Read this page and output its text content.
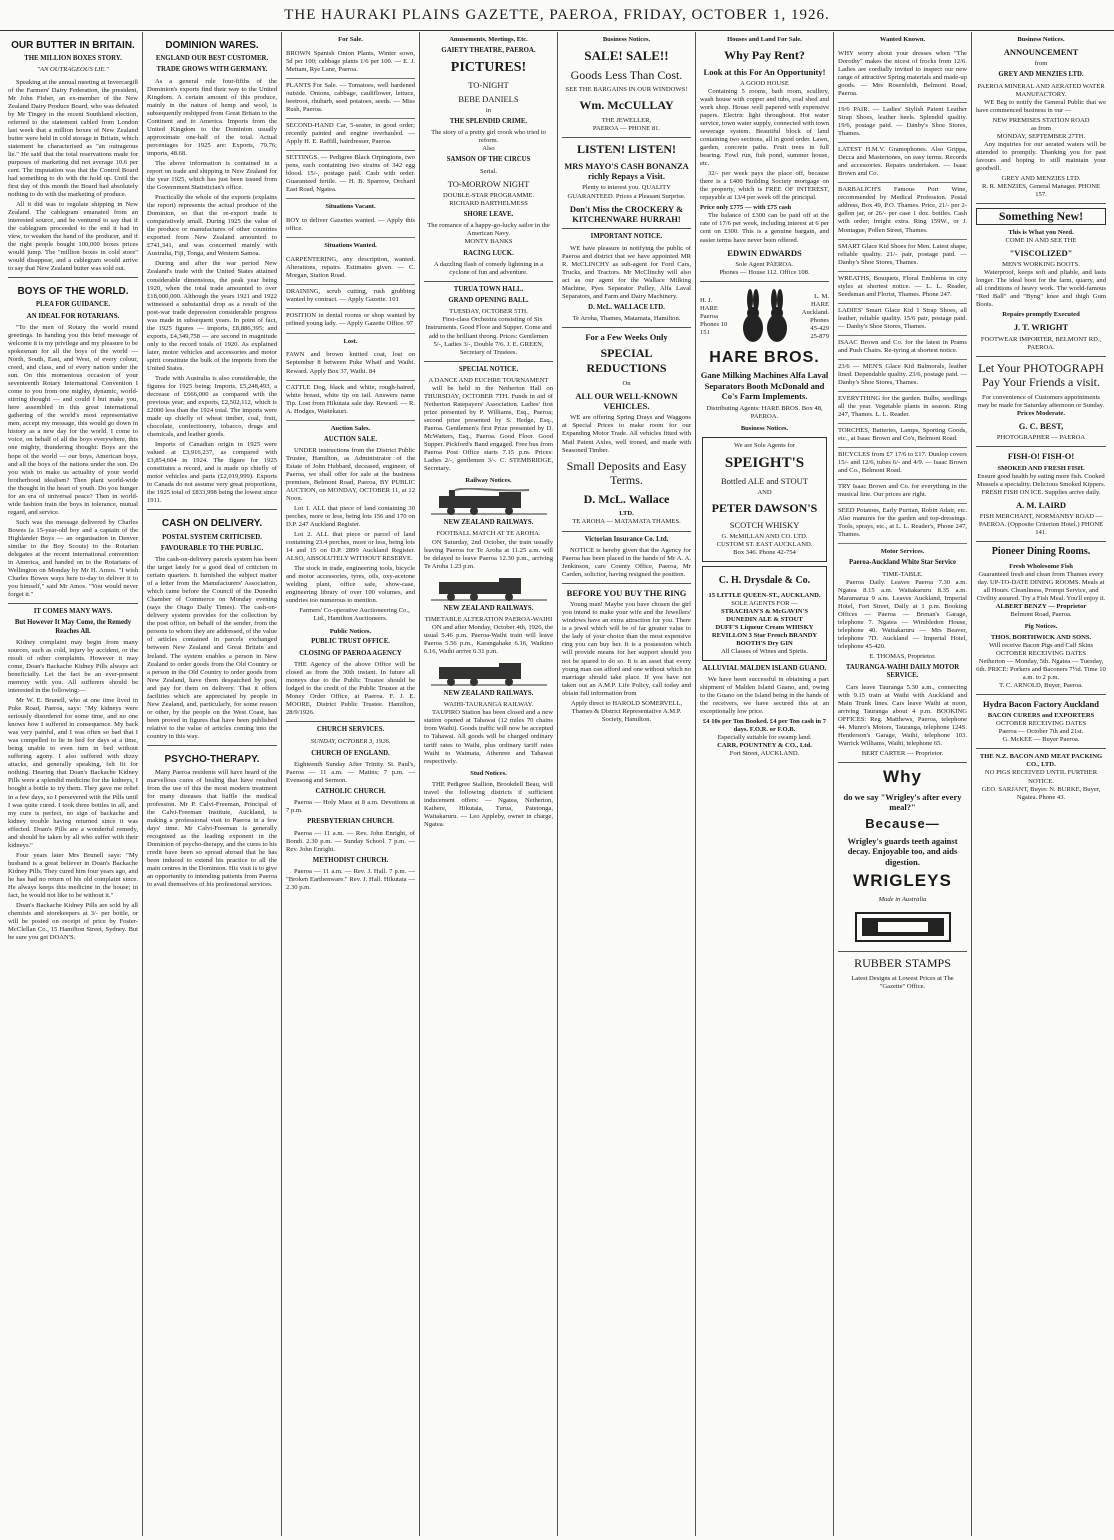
THE HAURAKI PLAINS GAZETTE, PAEROA, FRIDAY, OCTOBER 1, 1926.
OUR BUTTER IN BRITAIN.
THE MILLION BOXES STORY.
"AN OUTRAGEOUS LIE."

Speaking at the annual meeting at Invercargill of the Farmers' Dairy Federation, the president, Mr John Fisher, an ex-member of the New Zealand Dairy Produce Board, who was defeated by Mr Tingey in the recent Southland election, referred to the statement cabled from London last week that a million boxes of New Zealand butter were held in cold storage in Britain, which statement he characterised as "an outrageous lie." He said that the total reservations made for purposes of marketing did not average 10.6 per cent. The imputation was that the Control Board had something to do with the hold up. Until the first day of this month the Board had absolutely nothing to do with the marketing of produce.

All it did was to regulate shipping in New Zealand. The cablegram emanated from an interested source, and he ventured to say that if the cablegram proceeded to the end it had in view, to weaken the hand of the producer, and if the right people bought 100,000 boxes prices would jump. The "million boxes in cold store" would disappear, and a cablegram would arrive to say that New Zealand butter was sold out.

BOYS OF THE WORLD.
PLEA FOR GUIDANCE.
AN IDEAL FOR ROTARIANS.

"To the men of Rotary the world round greetings. In handing you this brief message of welcome it is my privilege and my pleasure to be spokesman for all the boys of the world — North, South, East, and West, of every colour, creed, and class, and of every nation under the sun. On this momentous occasion of your seventeenth Rotary International Convention I come to you from one mighty, dynamic, world-stirring thought — and could I but make you, here assembled in this great international gathering of the world's most representative men, accept my message, this would go down in history as a new day for the world. I come to voice, on behalf of all the boys everywhere, this one mighty, thundering thought: Boys are the hope of the world — our boys, American boys, and all the boys of the nations under the sun. Do you wish to make us actuality of your world brotherhood idealism? Then plant world-wide the thought in the heart of youth. Do you hunger for an era of universal peace? Then in world-wide fashion train the boys in tolerance, mutual regard, and service.

Such was the message delivered by Charles Bowes (a 15-year-old boy and a captain of the Highlander Boys — an organisation in Denver similar to the Boy Scouts) to the Rotarian delegates at the recent international convention in America, and handed on to the Rotarians of Wellington on Monday by Mr H. Amos. "I wish Charles Bowes ways here to-day to deliver it to you himself," said Mr Amos. "You would never forget it."

IT COMES MANY WAYS.
But However It May Come, the Remedy Reaches All.

Kidney complaint may begin from many sources, such as cold, injury by accident, or the result of other complaints. However it may come, Doan's Backache Kidney Pills always act beneficially. Let the fact be an ever-present memory with you. All sufferers should be interested in the following:—

Mr W. E. Brunell, who at one time lived in Puke Road, Paeroa, says: "My kidneys were seriously disordered for some time, and no one knows how I suffered in consequence. My back was very painful, and I was often so bad that I was compelled to lie in bed for days at a time, being unable to even turn in bed without suffering agony. I also suffered with dizzy attacks, and generally speaking, felt fit for nothing. Hearing that Doan's Backache Kidney Pills were a splendid medicine for the kidneys, I bought a bottle to try them. They gave me relief in a few days, so I persevered with the Pills until I was quite cured. I took three bottles in all, and my cure is perfect, no sign of backache and kidney trouble having returned since it was effected. Doan's Pills are a wonderful remedy, and should be taken by all who suffer with their kidneys."

Four years later Mrs Brunell says: "My husband is a great believer in Doan's Backache Kidney Pills. They cured him four years ago, and he has had no return of his old complaint since. He always keeps this medicine in the house; in fact, he would not like to be without it."

Doan's Backache Kidney Pills are sold by all chemists and storekeepers at 3/- per bottle, or will be posted on receipt of price by Foster-McClellan Co., 15 Hamilton Street, Sydney. But be sure you get DOAN'S.

DOMINION WARES.
ENGLAND OUR BEST CUSTOMER.
TRADE GROWS WITH GERMANY.

As a general rule four-fifths of the Dominion's exports find their way to the United Kingdom. A certain amount of this produce, mainly in the nature of hemp and wool, is subsequently reshipped from Great Britain to the Continent and to America. Imports from the United Kingdom to the Dominion usually approximate one-half of the total. Actual percentages for 1925 are: Exports, 79.76; imports, 48.68.

The above information is contained in a report on trade and shipping in New Zealand for the year 1925, which has just been issued from the Government Statistician's office.

Practically the whole of the exports (explains the report) represents the actual produce of the Dominion, so that the re-export trade is comparatively small. During 1925 the value of the produce or manufactures of other countries exported from New Zealand amounted to £741,341, and was concerned mainly with Australia, Fiji, Tonga, and Western Samoa.

During and after the war period New Zealand's trade with the United States attained considerable dimensions, the peak year being 1920, when the total trade amounted to over £18,000,000. Although the years 1921 and 1922 witnessed a substantial drop as a result of the post-war trade depression considerable progress was made in subsequent years. In point of fact, the 1925 figures — imports, £8,886,395; and exports, £4,349,758 — are second in magnitude only to the record totals of 1920. As explained later, motor vehicles and accessories and motor spirit constitute the bulk of the imports from the United States.

Trade with Australia is also considerable, the figures for 1925 being: Imports, £5,248,493, a decrease of £666,000 as compared with the previous year; and exports, £2,502,112, which is £2000 less than the 1924 total. The imports were made up chiefly of wheat timber, coal, fruit, chocolate, confectionery, tobacco, drugs and chemicals, and leather goods.

Imports of Canadian origin in 1925 were valued at £3,916,237, as compared with £3,854,604 in 1924. The figure for 1925 constitutes a record, and is made up chiefly of motor vehicles and parts (£2,019,999). Exports to Canada do not assume very great proportions, the 1925 total of £833,998 being the lowest since 1911.

CASH ON DELIVERY.
POSTAL SYSTEM CRITICISED.
FAVOURABLE TO THE PUBLIC.

The cash-on-delivery parcels system has been the target lately for a good deal of criticism in certain quarters. It furnished the subject matter of a letter from the Manufacturers' Association, which came before the Council of the Dunedin Chamber of Commerce on Monday evening (says the Otago Daily Times). The cash-on-delivery system provides for the collection by the post office, on behalf of the sender, from the persons to whom they are addressed, of the value of articles contained in parcels exchanged between New Zealand and Great Britain and Ireland. The system enables a person in New Zealand to order goods from the Old Country or a person in the Old Country to order goods from New Zealand, have them despatched by post, and pay for them on delivery. That it offers facilities which are appreciated by people in New Zealand, and, particularly, for some reason or other, by the people on the West Coast, has been proved in figures that have been published relative to the value of articles coming into the country in this way.

PSYCHO-THERAPY.

Many Paeroa residents will have heard of the marvellous cures of healing that have resulted from the use of this the most modern treatment for many diseases that baffle the medical profession. Mr P. Calvi-Freeman, Principal of the Calvi-Freeman Institute, Auckland, is making a professional visit to Paeroa in a few days' time. Mr Calvi-Freeman is generally recognised as the leading exponent in the Dominion of psycho-therapy, and the cures to his credit have been so spread abroad that he has been induced to extend his practice to all the main centres in the Dominion. His visit is to give an opportunity to intending patients from Paeroa to avail themselves of his professional services.

For Sale.
BROWN Spanish Onion Plants, Winter sown, 5d per 100; cabbage plants 1/6 per 100. — E. J. Mettam, Rye Lane, Paeroa.
PLANTS For Sale. — Tomatoes, well hardened outside. Onions, cabbage, cauliflower, lettuce, beetroot, rhubarb, seed potatoes, seeds. — Miss Rush, Paeroa.
SECOND-HAND Car, 5-seater, in good order; recently painted and engine overhauled. — Apply H. E. Raffill, hairdresser, Paeroa.
SETTINGS. — Pedigree Black Orpingtons, two pens, each containing two strains of 342 egg blood. 15/-, postage paid. Cash with order. Guaranteed fertile. — H. B. Sparrow, Orchard East Road, Ngatea.
Situations Vacant.
BOY to deliver Gazettes wanted. — Apply this office.
Situations Wanted.
CARPENTERING, any description, wanted. Alterations, repairs. Estimates given. — C. Morgan, Station Road.
DRAINING, scrub cutting, rush grubbing wanted by contract. — Apply Gazette. 101
POSITION in dental rooms or shop wanted by refined young lady. — Apply Gazette Office. 97
Lost.
FAWN and brown knitted coat, lost on September 8 between Puke Whaif and Waihi. Reward. Apply Box 37, Waihi. 84
CATTLE Dog, black and white, rough-haired, white breast, white tip on tail. Answers name Tip. Lost from Hikutaia sale day. Reward. — R. A. Hodges, Waitekauri.
Auction Sales.
AUCTION SALE.

UNDER instructions from the District Public Trustee, Hamilton, as Administrator of the Estate of John Hubbard, deceased, engineer, of Paeroa, we shall offer for sale at the business premises, Belmont Road, Paeroa, BY PUBLIC AUCTION, on MONDAY, OCTOBER 11, at 12 Noon.

Lot 1. ALL that piece of land containing 30 perches, more or less, being lots 156 and 170 on D.P. 247 Auckland Register.

Lot 2. ALL that piece or parcel of land containing 23.4 perches, more or less, being lots 14 and 15 on D.P. 2899 Auckland Register. ALSO, ABSOLUTELY WITHOUT RESERVE.

The stock in trade, engineering tools, bicycle and motor accessories, tyres, oils, oxy-acetone welding plant, office safe, show-case, engineering library of over 100 volumes, and sundries too numerous to mention.

Farmers' Co-operative Auctioneering Co., Ltd., Hamilton Auctioneers.

Public Notices.
PUBLIC TRUST OFFICE.
CLOSING OF PAEROA AGENCY

THE Agency of the above Office will be closed as from the 30th instant. In future all moneys due to the Public Trustee should be lodged to the credit of the Public Trustee at the Money Order Office, at Paeroa. F. J. E. MOORE, District Public Trustee. Hamilton, 28/9/1926.

CHURCH SERVICES.
SUNDAY, OCTOBER 3, 1926.
CHURCH OF ENGLAND.

Eighteenth Sunday After Trinity. St. Paul's, Paeroa — 11 a.m. — Matins; 7 p.m. — Evensong and Sermon.

CATHOLIC CHURCH.

Paeroa — Holy Mass at 8 a.m. Devotions at 7 p.m.

PRESBYTERIAN CHURCH.

Paeroa — 11 a.m. — Rev. John Enright, of Bondi. 2.30 p.m. — Sunday School. 7 p.m. — Rev. John Enright.

METHODIST CHURCH.

Paeroa — 11 a.m. — Rev. J. Hall. 7 p.m. — "Broken Earthenware." Rev. J. Hall. Hikutaia — 2.30 p.m.

Amusements, Meetings, Etc.
GAIETY THEATRE, PAEROA.
PICTURES!
TO-NIGHT
BEBE DANIELS
in
THE SPLENDID CRIME.
The story of a pretty girl crook who tried to reform.
Also
SAMSON OF THE CIRCUS
Serial.
TO-MORROW NIGHT
DOUBLE-STAR PROGRAMME.
RICHARD BARTHELMESS
SHORE LEAVE.
The romance of a happy-go-lucky sailor in the American Navy.
MONTY BANKS
RACING LUCK.
A dazzling flash of comedy lightning in a cyclone of fun and adventure.
TURUA TOWN HALL.
GRAND OPENING BALL.
TUESDAY, OCTOBER 5TH.

First-class Orchestra consisting of Six Instruments. Good Floor and Supper. Come and add to the brilliant throng. Prices: Gentlemen 5/-, Ladies 3/-, Double 7/6. J. E. GREEN, Secretary of Trustees.

SPECIAL NOTICE.
A DANCE AND EUCHRE TOURNAMENT

will be held in the Netherton Hall on THURSDAY, OCTOBER 7TH. Funds in aid of Netherton Ratepayers' Association. Ladies' first prize presented by P. Williams, Esq., Paeroa; second prize presented by S. Hedge, Esq., Paeroa. Gentlemen's first Prize presented by D. McWatters, Esq., Paeroa. Good Floor. Good Supper. Pickford's Band engaged. Free bus from Paeroa Post Office starts 7.15 p.m. Prices: Ladies 2/-, gentlemen 3/-. C. STEMBRIDGE, Secretary.

Railway Notices.
NEW ZEALAND RAILWAYS.
FOOTBALL MATCH AT TE AROHA.

ON Saturday, 2nd October, the train usually leaving Paeroa for Te Aroha at 11.25 a.m. will be delayed to leave Paeroa 12.30 p.m., arriving Te Aroha 1.23 p.m.

NEW ZEALAND RAILWAYS.
TIMETABLE ALTERATION PAEROA-WAIHI

ON and after Monday, October 4th, 1926, the usual 5.46 p.m. Paeroa-Waihi train will leave Paeroa 5.56 p.m., Karangahake 6.16, Waikino 6.16, Waihi arrive 6.31 p.m.

NEW ZEALAND RAILWAYS.
WAIHI-TAURANGA RAILWAY.

TAUPIRO Station has been closed and a new station opened at Tahawai (12 miles 70 chains from Waihi). Goods traffic will now be accepted to Tahawai. All goods will be charged ordinary tariff rates to Waihi, plus ordinary tariff rates Waihi to Waimata, Athenree and Tahawai respectively.

Stud Notices.

THE Pedigree Stallion, Brookdell Beau, will travel the following districts if sufficient inducement offers: — Ngatea, Netherton, Kaihere, Hikutaia, Turua, Patetonga, Waitakaruru. — Leo Appleby, owner in charge, Ngatea.

Business Notices.
SALE! SALE!!
Goods Less Than Cost.
SEE THE BARGAINS IN OUR WINDOWS!
Wm. McCULLAY
THE JEWELLER,
PAEROA — PHONE 81.
LISTEN! LISTEN!
MRS MAYO'S CASH BONANZA richly Repays a Visit.
Plenty to interest you. QUALITY GUARANTEED. Prices a Pleasant Surprise.
Don't Miss the CROCKERY & KITCHENWARE HURRAH!
IMPORTANT NOTICE.

WE have pleasure in notifying the public of Paeroa and district that we have appointed MR R. McCLINCHY as sub-agent for Ford Cars, Trucks, and Tractors. Mr McClinchy will also act as our agent for the Wallace Milking Machine, Pyes Separator Pulley, Alfa Laval Separators, and Farm and Dairy Machinery.

D. McL. WALLACE LTD.
Te Aroha, Thames, Matamata, Hamilton.
For a Few Weeks Only
SPECIAL REDUCTIONS
On
ALL OUR WELL-KNOWN VEHICLES.

WE are offering Spring Drays and Waggons at Special Prices to make room for our Expanding Motor Trade. All vehicles fitted with Mail Patent Axles, well ironed, and made with Seasoned Timber.

Small Deposits and Easy Terms.
D. McL. Wallace
LTD.
TE AROHA — MATAMATA THAMES.
Victorian Insurance Co. Ltd.

NOTICE is hereby given that the Agency for Paeroa has been placed in the hands of Mr A. A. Jenkinson, care County Office, Paeroa, Mr Carden, solicitor, having resigned the position.

BEFORE YOU BUY THE RING

Young man! Maybe you have chosen the girl you intend to make your wife and the Jewellers' windows have an extra attraction for you. There is a jewel which will be of far greater value to the lady of your choice than the most expensive ring you can buy her. It is a possession which will provide means for her support should you not be spared to do so. It is an asset that every young man can afford and one without which no marriage should take place. If you have not taken out an A.M.P. Life Policy, call today and obtain full information from

Apply direct to HAROLD SOMERVELL, Thames & District Representative A.M.P. Society, Hamilton.
Houses and Land For Sale.
Why Pay Rent?
Look at this For An Opportunity!
A GOOD HOUSE

Containing 5 rooms, bath room, scullery, wash house with copper and tubs, coal shed and work shop. House well papered with expensive papers. Electric light throughout. Hot water service, town water supply, connected with town sewerage system. Beautiful block of land containing two sections, all in good order. Lawn, garden, concrete paths. Fruit trees in full bearing. Fowl run, fish pond, summer house, etc.

32/- per week pays the place off, because there is a £400 Building Society mortgage on the property, which is FREE OF INTEREST, repayable at 13/4 per week off the principal.

Price only £775 — with £75 cash

The balance of £300 can be paid off at the rate of 17/6 per week, including interest at 6 per cent on £300. This is a genuine bargain, and easier terms have never been offered.

EDWIN EDWARDS
Sole Agent PAEROA.
Phones — House 112. Office 108.
H. J. HARE Paeroa Phones 10 151
L. M. HARE Auckland. Phones 45-429 25-879
HARE BROS.
Gane Milking Machines Alfa Laval Separators Booth McDonald and Co's Farm Implements.
Distributing Agents: HARE BROS. Box 48, PAEROA.
Business Notices.
We are Sole Agents for
SPEIGHT'S
Bottled ALE and STOUT
AND
PETER DAWSON'S
SCOTCH WHISKY
G. McMILLAN AND CO. LTD.
CUSTOM ST. EAST AUCKLAND.
Box 346. Phone 42-754
C. H. Drysdale & Co.
15 LITTLE QUEEN-ST., AUCKLAND.
SOLE AGENTS FOR —
STRACHAN'S & McGAVIN'S DUNEDIN ALE & STOUT
DUFF'S Liqueur Cream WHISKY
REVILLON 3 Star French BRANDY
BOOTH'S Dry GIN
All Classes of Wines and Spirits.
ALLUVIAL MALDEN ISLAND GUANO.

We have been successful in obtaining a part shipment of Malden Island Guano, and, owing to the Guano on the Island being in the hands of the receivers, we have secured this at an exceptionally low price.

£4 10s per Ton Booked. £4 per Ton cash in 7 days. F.O.R. or F.O.B.
Especially suitable for swamp land.
CARR, POUNTNEY & CO., Ltd.
Fort Street, AUCKLAND.
Wanted Known.
WHY worry about your dresses when "The Dorothy" makes the nicest of frocks from 12/6. Ladies are cordially invited to inspect our new range of attractive Spring materials and made-up goods. — Mrs Rosenfeldt, Belmont Road, Paeroa.
19/6 PAIR. — Ladies' Stylish Patent Leather Strap Shoes, leather heels. Splendid quality. 19/6, postage paid. — Danby's Shoe Stores, Thames.
LATEST H.M.V. Gramophones. Also Grippa, Decca and Mastertones, on easy terms. Records and accessories. Repairs undertaken. — Isaac Brown and Co.
BARBALICH'S Famous Port Wine, recommended by Medical Profession. Postal address, Box 49, P.O. Thames. Price, 21/- per 2-gallon jar, or 26/- per case 1 doz. bottles. Cash with order; freight extra. Ring 159W., or J. Montague, Pollen Street, Thames.
SMART Glace Kid Shoes for Men. Latest shape, reliable quality. 21/- pair, postage paid. — Danby's Shoe Stores, Thames.
WREATHS, Bouquets, Floral Emblems in city styles at shortest notice. — L. L. Reader, Seedsman and Florist, Thames. Phone 247.
LADIES' Smart Glace Kid 1 Strap Shoes, all leather, reliable quality. 15/6 pair, postage paid. — Danby's Shoe Stores, Thames.
ISAAC Brown and Co. for the latest in Prams and Push Chairs. Re-tyring at shortest notice.
23/6 — MEN'S Glace Kid Balmorals, leather lined. Dependable quality. 23/6, postage paid. — Danby's Shoe Stores, Thames.
EVERYTHING for the garden. Bulbs, seedlings all the year. Vegetable plants in season. Ring 247, Thames. L. L. Reader.
TORCHES, Batteries, Lamps, Sporting Goods, etc., at Isaac Brown and Co's, Belmont Road.
BICYCLES from £7 17/6 to £17. Dunlop covers 15/- and 12/6, tubes 6/- and 4/9. — Isaac Brown and Co., Belmont Road.
TRY Isaac Brown and Co. for everything in the musical line. Our prices are right.
SEED Potatoes, Early Puritan, Robin Adair, etc. Also manures for the garden and top-dressings. Tools, sprays, etc., at L. L. Reader's, Phone 247, Thames.
Motor Services.
Paeroa-Auckland White Star Service
TIME-TABLE.

Paeroa Daily. Leaves Paeroa 7.30 a.m. Ngatea 8.15 a.m. Waitakaruru 8.35 a.m. Maramarua 9 a.m. Leaves Auckland, Imperial Hotel, Fort Street, Daily at 1 p.m. Booking Offices — Paeroa — Brenan's Garage, telephone 7. Ngatea — Wimbledon House, telephone 40. Waitakaruru — Mrs Beaver, telephone 7D. Auckland — Imperial Hotel, telephone 45-420.

E. THOMAS, Proprietor.
TAURANGA-WAIHI DAILY MOTOR SERVICE.

Cars leave Tauranga 5.30 a.m., connecting with 9.15 train at Waihi with Auckland and Main Trunk lines. Cars leave Waihi at noon, arriving Tauranga about 4 p.m. BOOKING OFFICES: Reg. Matthews, Paeroa, telephone 44. Munro's Motors, Tauranga, telephone 124S. Henderson's Garage, Waihi, telephone 103. Warrick Williams, Waihi, telephone 65.

BERT CARTER — Proprietor.
Why
do we say "Wrigley's after every meal?"
Because—
Wrigley's guards teeth against decay. Enjoyable too, and aids digestion.
WRIGLEYS
Made in Australia
RUBBER STAMPS
Latest Designs at Lowest Prices at The "Gazette" Office.
Business Notices.
ANNOUNCEMENT
from
GREY AND MENZIES LTD.
PAEROA MINERAL AND AERATED WATER MANUFACTORY.

WE Beg to notify the General Public that we have commenced business in our —

NEW PREMISES STATION ROAD
as from
MONDAY, SEPTEMBER 27TH.

Any inquiries for our aerated waters will be attended to promptly. Thanking you for past favours and hoping to still maintain your goodwill.

GREY AND MENZIES LTD.
R. R. MENZIES, General Manager. PHONE 157.
Something New!
This is What you Need.
COME IN AND SEE THE
"VISCOLIZED"
MEN'S WORKING BOOTS.

Waterproof, keeps soft and pliable, and lasts longer. The ideal boot for the farm, quarry, and all conditions of heavy work. The world-famous "Red Ball" and "Byng" knee and thigh Gum Boots.

Repairs promptly Executed
J. T. WRIGHT
FOOTWEAR IMPORTER, BELMONT RD., PAEROA.
Let Your PHOTOGRAPH Pay Your Friends a visit.
For convenience of Customers appointments may be made for Saturday afternoon or Sunday.
Prices Moderate.
G. C. BEST,
PHOTOGRAPHER — PAEROA
FISH-O! FISH-O!
SMOKED AND FRESH FISH.
Ensure good health by eating more fish. Cooked Mussels a speciality. Delicious Smoked Kippers. FRESH FISH ON ICE. Supplies arrive daily.
A. M. LAIRD
FISH MERCHANT, NORMANBY ROAD — PAEROA. (Opposite Criterion Hotel.) PHONE 141.
Pioneer Dining Rooms.
Fresh Wholesome Fish
Guaranteed fresh and clean from Thames every day. UP-TO-DATE DINING ROOMS. Meals at all Hours. Cleanliness, Prompt Service, and Civility assured. Try a Fish Meal. You'll enjoy it.
ALBERT BENZY — Proprietor
Belmont Road, Paeroa.
Pig Notices.
THOS. BORTHWICK AND SONS.
Will receive Bacon Pigs and Calf Skins
OCTOBER RECEIVING DATES
Netherton — Monday, 5th. Ngatea — Tuesday, 6th. PRICE: Porkers and Baconers 7½d. Time 10 a.m. to 2 p.m.
T. C. ARNOLD, Buyer, Paeroa.
Hydra Bacon Factory Auckland
BACON CURERS and EXPORTERS
OCTOBER RECEIVING DATES
Paeroa — October 7th and 21st.
G. McKEE — Buyer Paeroa.
THE N.Z. BACON AND MEAT PACKING CO., LTD.
NO PIGS RECEIVED UNTIL FURTHER NOTICE.
GEO. SARJANT, Buyer. N. BURKE, Buyer, Ngatea. Phone 43.
